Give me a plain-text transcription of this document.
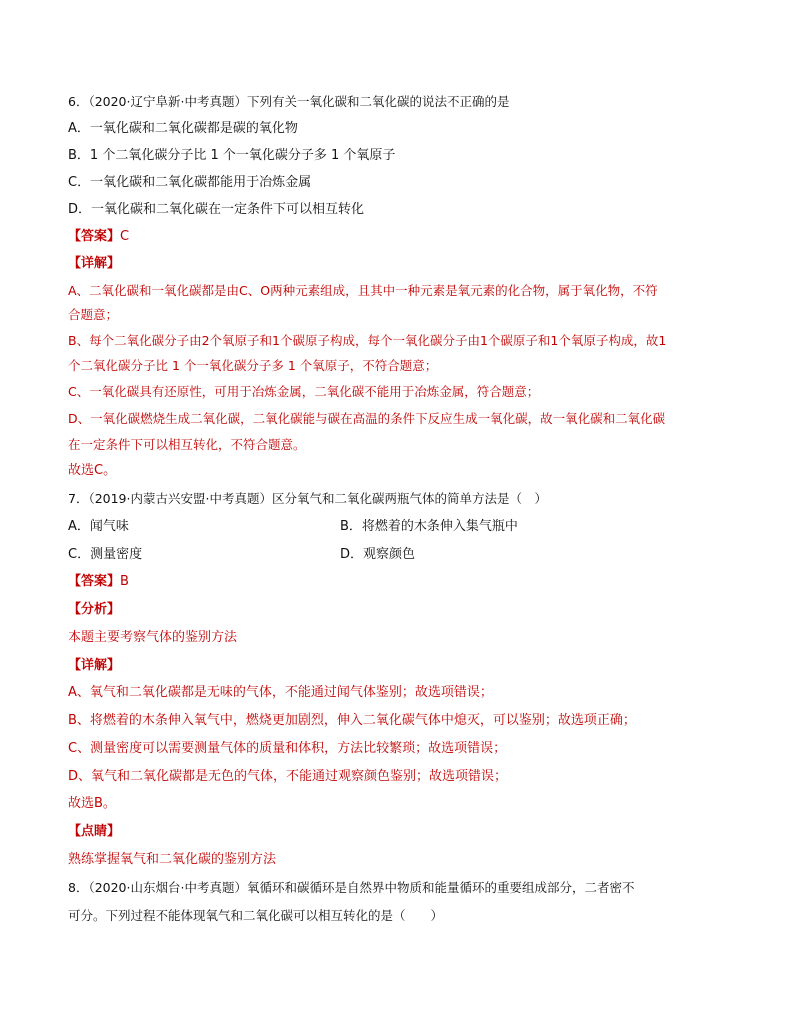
6．（2020·辽宁阜新·中考真题）下列有关一氧化碳和二氧化碳的说法不正确的是
A．一氧化碳和二氧化碳都是碳的氧化物
B．1 个二氧化碳分子比 1 个一氧化碳分子多 1 个氧原子
C．一氧化碳和二氧化碳都能用于冶炼金属
D．一氧化碳和二氧化碳在一定条件下可以相互转化
【答案】C
【详解】
A、二氧化碳和一氧化碳都是由C、O两种元素组成，且其中一种元素是氧元素的化合物，属于氧化物，不符
合题意；
B、每个二氧化碳分子由2个氧原子和1个碳原子构成，每个一氧化碳分子由1个碳原子和1个氧原子构成，故1
个二氧化碳分子比 1 个一氧化碳分子多 1 个氧原子，不符合题意；
C、一氧化碳具有还原性，可用于冶炼金属，二氧化碳不能用于冶炼金属，符合题意；
D、一氧化碳燃烧生成二氧化碳，二氧化碳能与碳在高温的条件下反应生成一氧化碳，故一氧化碳和二氧化碳
在一定条件下可以相互转化，不符合题意。
故选C。
7．（2019·内蒙古兴安盟·中考真题）区分氧气和二氧化碳两瓶气体的简单方法是（　）
A．闻气味	B．将燃着的木条伸入集气瓶中
C．测量密度	D．观察颜色
【答案】B
【分析】
本题主要考察气体的鉴别方法
【详解】
A、氧气和二氧化碳都是无味的气体，不能通过闻气体鉴别；故选项错误；
B、将燃着的木条伸入氧气中，燃烧更加剧烈，伸入二氧化碳气体中熄灭，可以鉴别；故选项正确；
C、测量密度可以需要测量气体的质量和体积，方法比较繁琐；故选项错误；
D、氧气和二氧化碳都是无色的气体，不能通过观察颜色鉴别；故选项错误；
故选B。
【点睛】
熟练掌握氧气和二氧化碳的鉴别方法
8．（2020·山东烟台·中考真题）氧循环和碳循环是自然界中物质和能量循环的重要组成部分，二者密不
可分。下列过程不能体现氧气和二氧化碳可以相互转化的是（　　）
